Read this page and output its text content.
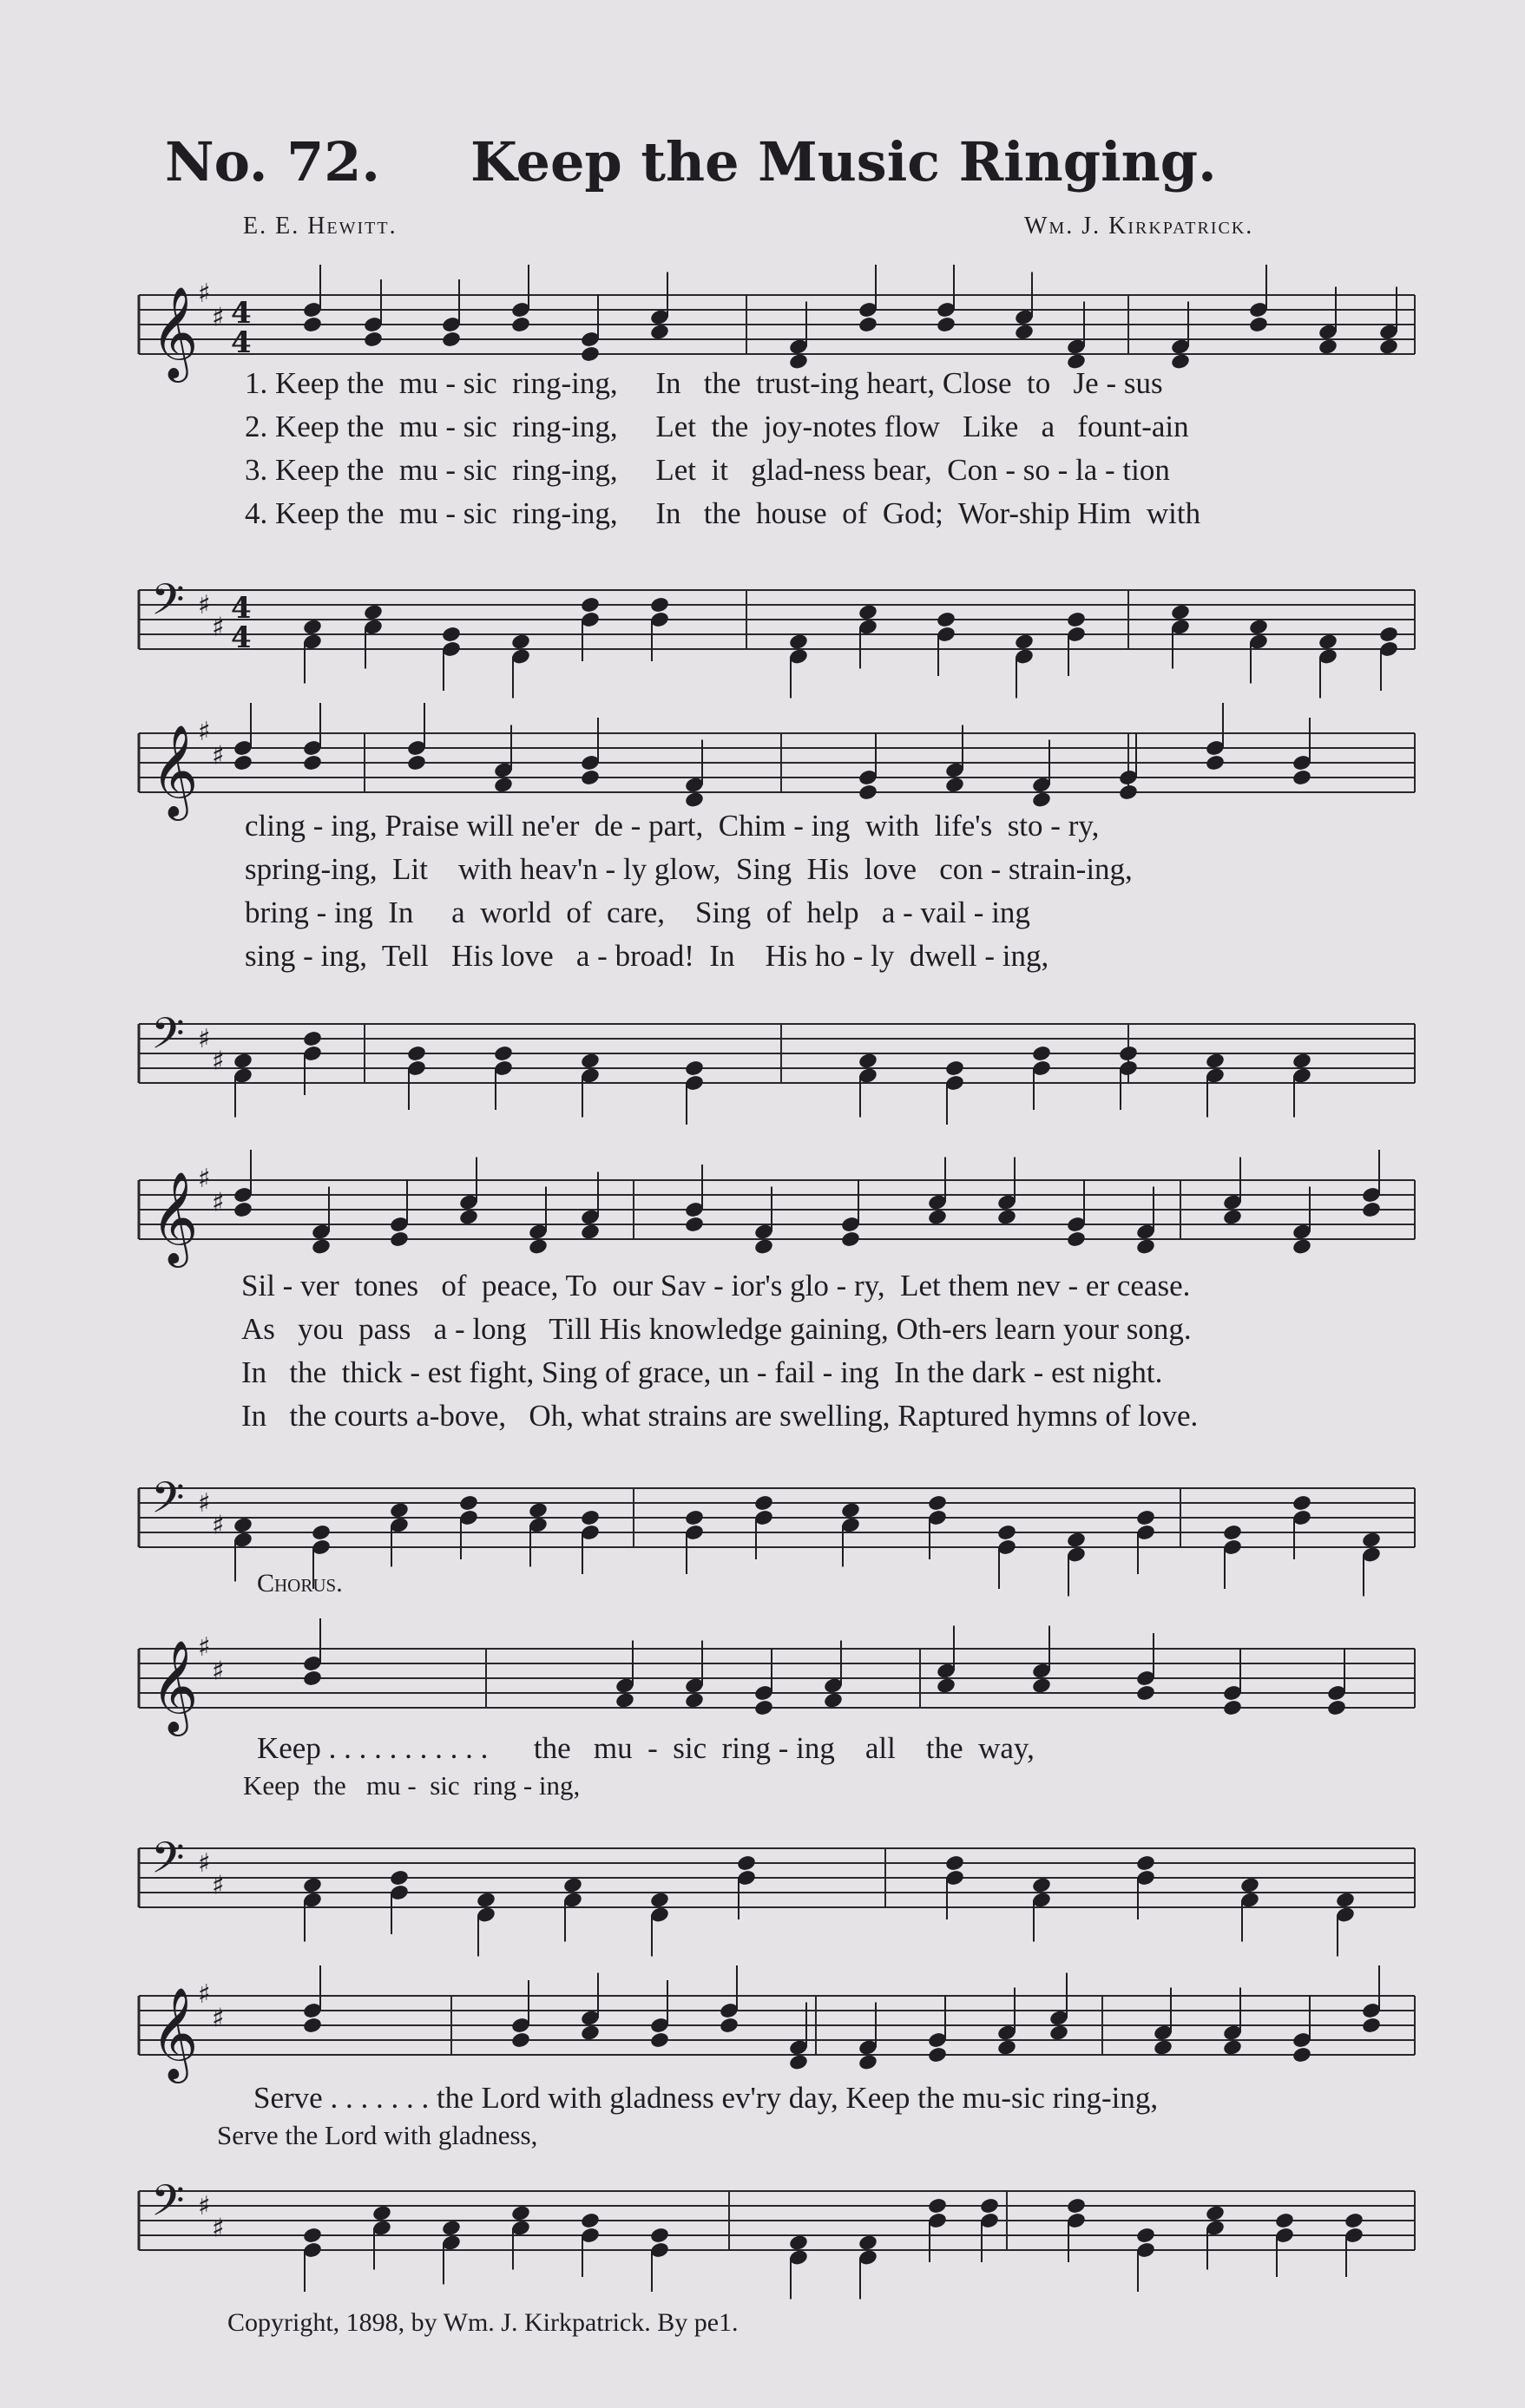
No. 72. Keep the Music Ringing.
E. E. Hewitt.	Wm. J. Kirkpatrick.
𝄞 ♯
♯ 4
4
1. Keep the  mu - sic  ring-ing,     In   the  trust-ing heart, Close  to   Je - sus
2. Keep the  mu - sic  ring-ing,     Let  the  joy-notes flow   Like   a   fount-ain
3. Keep the  mu - sic  ring-ing,     Let  it   glad-ness bear,  Con - so - la - tion
4. Keep the  mu - sic  ring-ing,     In   the  house  of  God;  Wor-ship Him  with
𝄢 ♯
♯
4
4
𝄞 ♯
♯
cling - ing, Praise will ne'er  de - part,  Chim - ing  with  life's  sto - ry,
spring-ing,  Lit    with heav'n - ly glow,  Sing  His  love   con - strain-ing,
bring - ing  In     a  world  of  care,    Sing  of  help   a - vail - ing
sing - ing,  Tell   His love   a - broad!  In    His ho - ly  dwell - ing,
𝄢 ♯
♯
𝄞 ♯
♯
Sil - ver  tones   of  peace, To  our Sav - ior's glo - ry,  Let them nev - er cease.
As   you  pass   a - long   Till His knowledge gaining, Oth-ers learn your song.
In   the  thick - est fight, Sing of grace, un - fail - ing  In the dark - est night.
In   the courts a-bove,   Oh, what strains are swelling, Raptured hymns of love.
𝄢 ♯
♯
Chorus.
𝄞 ♯
♯
Keep . . . . . . . . . . .      the   mu  -  sic  ring - ing    all    the  way,
Keep  the   mu -  sic  ring - ing,
𝄢 ♯
♯
𝄞 ♯
♯
Serve . . . . . . . the Lord with gladness ev'ry day, Keep the mu-sic ring-ing,
Serve the Lord with gladness,
𝄢 ♯
♯
Copyright, 1898, by Wm. J. Kirkpatrick. By pe1.
